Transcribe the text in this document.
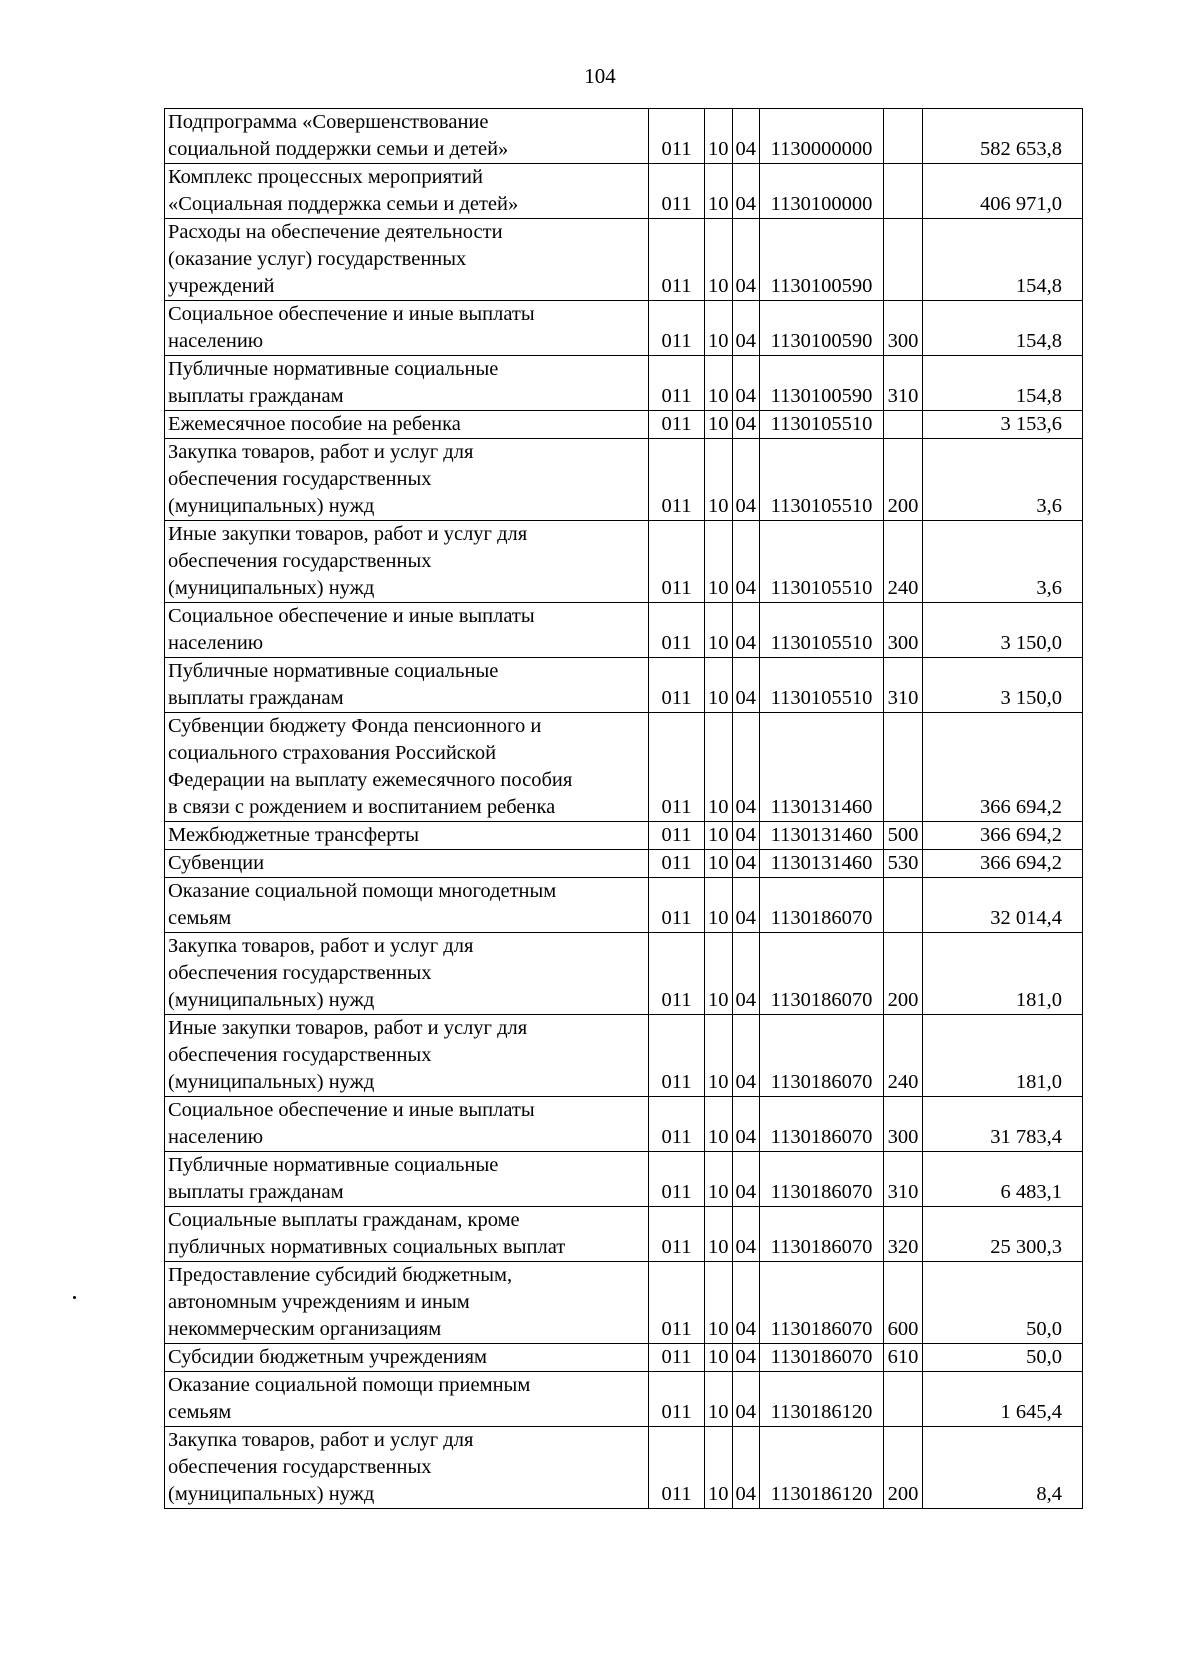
104
Подпрограмма «Совершенствование
социальной поддержки семьи и детей»	011	10	04	1130000000		582 653,8
Комплекс процессных мероприятий
«Социальная поддержка семьи и детей»	011	10	04	1130100000		406 971,0
Расходы на обеспечение деятельности
(оказание услуг) государственных
учреждений	011	10	04	1130100590		154,8
Социальное обеспечение и иные выплаты
населению	011	10	04	1130100590	300	154,8
Публичные нормативные социальные
выплаты гражданам	011	10	04	1130100590	310	154,8
Ежемесячное пособие на ребенка	011	10	04	1130105510		3 153,6
Закупка товаров, работ и услуг для
обеспечения государственных
(муниципальных) нужд	011	10	04	1130105510	200	3,6
Иные закупки товаров, работ и услуг для
обеспечения государственных
(муниципальных) нужд	011	10	04	1130105510	240	3,6
Социальное обеспечение и иные выплаты
населению	011	10	04	1130105510	300	3 150,0
Публичные нормативные социальные
выплаты гражданам	011	10	04	1130105510	310	3 150,0
Субвенции бюджету Фонда пенсионного и
социального страхования Российской
Федерации на выплату ежемесячного пособия
в связи с рождением и воспитанием ребенка	011	10	04	1130131460		366 694,2
Межбюджетные трансферты	011	10	04	1130131460	500	366 694,2
Субвенции	011	10	04	1130131460	530	366 694,2
Оказание социальной помощи многодетным
семьям	011	10	04	1130186070		32 014,4
Закупка товаров, работ и услуг для
обеспечения государственных
(муниципальных) нужд	011	10	04	1130186070	200	181,0
Иные закупки товаров, работ и услуг для
обеспечения государственных
(муниципальных) нужд	011	10	04	1130186070	240	181,0
Социальное обеспечение и иные выплаты
населению	011	10	04	1130186070	300	31 783,4
Публичные нормативные социальные
выплаты гражданам	011	10	04	1130186070	310	6 483,1
Социальные выплаты гражданам, кроме
публичных нормативных социальных выплат	011	10	04	1130186070	320	25 300,3
Предоставление субсидий бюджетным,
автономным учреждениям и иным
некоммерческим организациям	011	10	04	1130186070	600	50,0
Субсидии бюджетным учреждениям	011	10	04	1130186070	610	50,0
Оказание социальной помощи приемным
семьям	011	10	04	1130186120		1 645,4
Закупка товаров, работ и услуг для
обеспечения государственных
(муниципальных) нужд	011	10	04	1130186120	200	8,4
